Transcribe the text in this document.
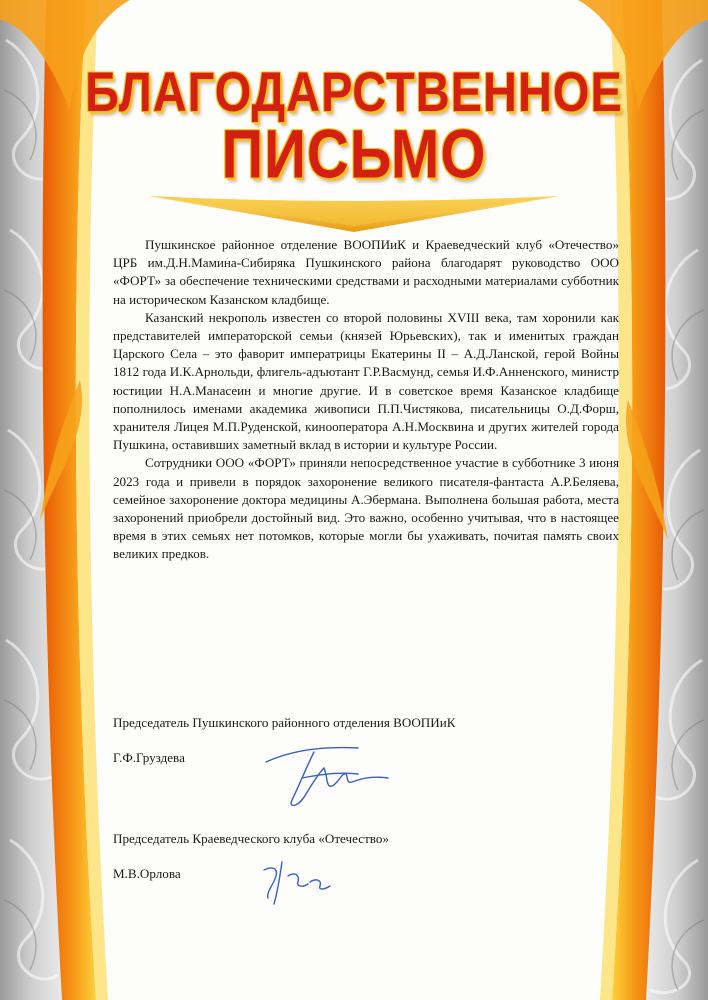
БЛАГОДАРСТВЕННОЕ
ПИСЬМО

Пушкинское районное отделение ВООПИиК и Краеведческий клуб «Отечество» ЦРБ им.Д.Н.Мамина-Сибиряка Пушкинского района благодарят руководство ООО «ФОРТ» за обеспечение техническими средствами и расходными материалами субботник на историческом Казанском кладбище.

Казанский некрополь известен со второй половины XVIII века, там хоронили как представителей императорской семьи (князей Юрьевских), так и именитых граждан Царского Села – это фаворит императрицы Екатерины II – А.Д.Ланской, герой Войны 1812 года И.К.Арнольди, флигель-адъютант Г.Р.Васмунд, семья И.Ф.Анненского, министр юстиции Н.А.Манасеин и многие другие. И в советское время Казанское кладбище пополнилось именами академика живописи П.П.Чистякова, писательницы О.Д.Форш, хранителя Лицея М.П.Руденской, кинооператора А.Н.Москвина и других жителей города Пушкина, оставивших заметный вклад в истории и культуре России.

Сотрудники ООО «ФОРТ» приняли непосредственное участие в субботнике 3 июня 2023 года и привели в порядок захоронение великого писателя-фантаста А.Р.Беляева, семейное захоронение доктора медицины А.Эбермана. Выполнена большая работа, места захоронений приобрели достойный вид. Это важно, особенно учитывая, что в настоящее время в этих семьях нет потомков, которые могли бы ухаживать, почитая память своих великих предков.

Председатель Пушкинского районного отделения ВООПИиК
Г.Ф.Груздева
Председатель Краеведческого клуба «Отечество»
М.В.Орлова
